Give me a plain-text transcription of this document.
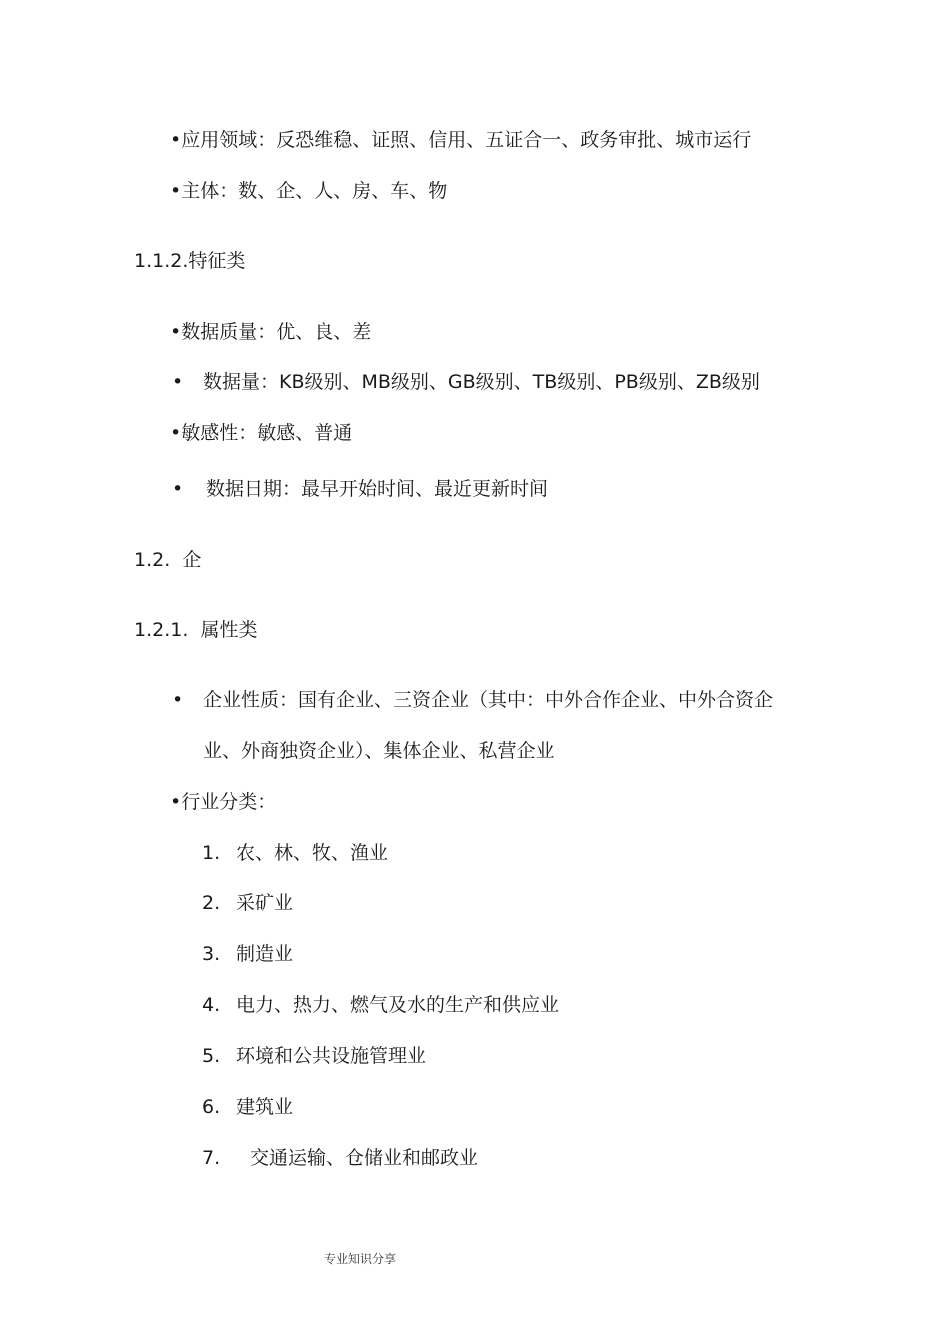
•应用领域：反恐维稳、证照、信用、五证合一、政务审批、城市运行
•主体：数、企、人、房、车、物
1.1.2.特征类
•数据质量：优、良、差
• 数据量：KB级别、MB级别、GB级别、TB级别、PB级别、ZB级别
•敏感性：敏感、普通
• 数据日期：最早开始时间、最近更新时间
1.2.  企
1.2.1.  属性类
• 企业性质：国有企业、三资企业（其中：中外合作企业、中外合资企
业、外商独资企业）、集体企业、私营企业
•行业分类：
1. 农、林、牧、渔业
2. 采矿业
3. 制造业
4. 电力、热力、燃气及水的生产和供应业
5. 环境和公共设施管理业
6. 建筑业
7. 交通运输、仓储业和邮政业
专业知识分享
